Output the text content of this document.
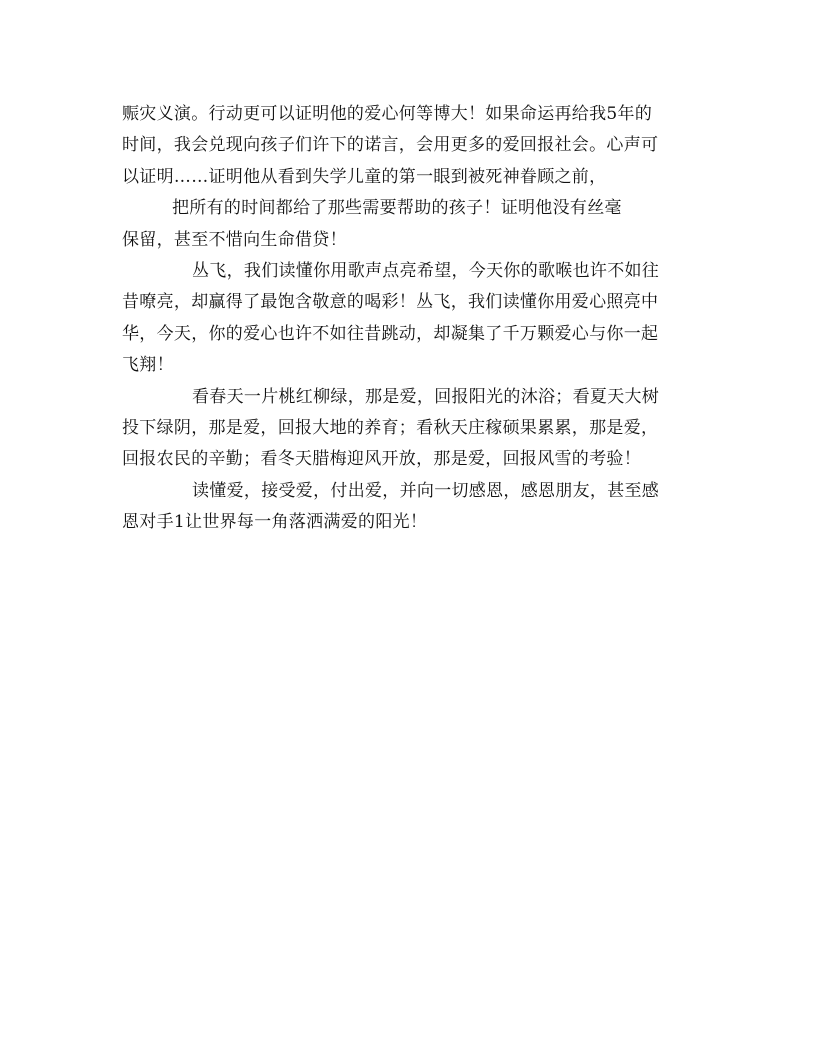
赈灾义演。行动更可以证明他的爱心何等博大！如果命运再给我5年的
时间，我会兑现向孩子们许下的诺言，会用更多的爱回报社会。心声可
以证明……证明他从看到失学儿童的第一眼到被死神眷顾之前，

把所有的时间都给了那些需要帮助的孩子！证明他没有丝毫
保留，甚至不惜向生命借贷！

丛飞，我们读懂你用歌声点亮希望，今天你的歌喉也许不如往
昔嘹亮，却赢得了最饱含敬意的喝彩！丛飞，我们读懂你用爱心照亮中
华，今天，你的爱心也许不如往昔跳动，却凝集了千万颗爱心与你一起
飞翔！

看春天一片桃红柳绿，那是爱，回报阳光的沐浴；看夏天大树
投下绿阴，那是爱，回报大地的养育；看秋天庄稼硕果累累，那是爱，
回报农民的辛勤；看冬天腊梅迎风开放，那是爱，回报风雪的考验！

读懂爱，接受爱，付出爱，并向一切感恩，感恩朋友，甚至感
恩对手1让世界每一角落洒满爱的阳光！
